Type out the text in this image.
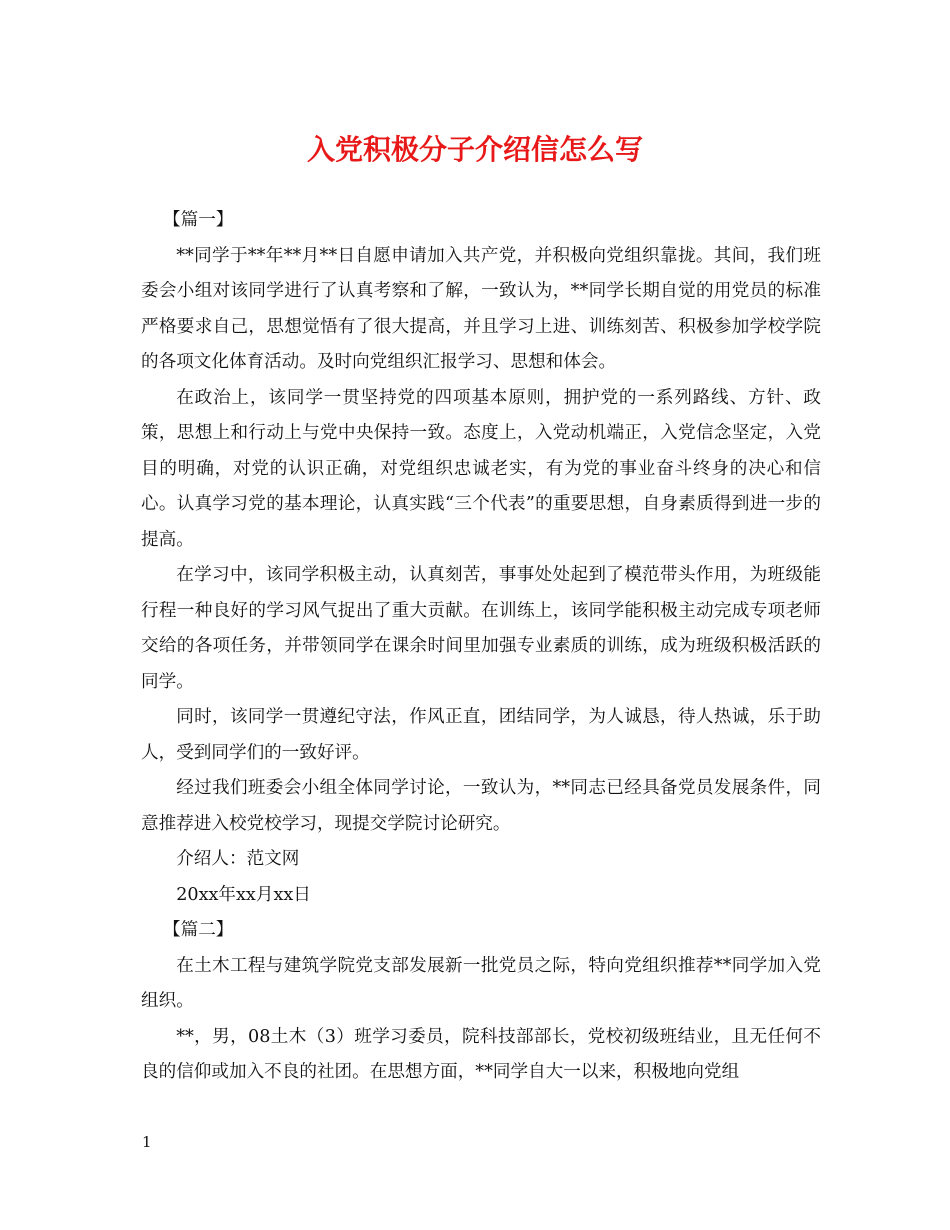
入党积极分子介绍信怎么写

【篇一】

**同学于**年**月**日自愿申请加入共产党，并积极向党组织靠拢。其间，我们班委会小组对该同学进行了认真考察和了解，一致认为，**同学长期自觉的用党员的标准严格要求自己，思想觉悟有了很大提高，并且学习上进、训练刻苦、积极参加学校学院的各项文化体育活动。及时向党组织汇报学习、思想和体会。

在政治上，该同学一贯坚持党的四项基本原则，拥护党的一系列路线、方针、政策，思想上和行动上与党中央保持一致。态度上，入党动机端正，入党信念坚定，入党目的明确，对党的认识正确，对党组织忠诚老实，有为党的事业奋斗终身的决心和信心。认真学习党的基本理论，认真实践“三个代表”的重要思想，自身素质得到进一步的提高。

在学习中，该同学积极主动，认真刻苦，事事处处起到了模范带头作用，为班级能行程一种良好的学习风气捉出了重大贡献。在训练上，该同学能积极主动完成专项老师交给的各项任务，并带领同学在课余时间里加强专业素质的训练，成为班级积极活跃的同学。

同时，该同学一贯遵纪守法，作风正直，团结同学，为人诚恳，待人热诚，乐于助人，受到同学们的一致好评。

经过我们班委会小组全体同学讨论，一致认为，**同志已经具备党员发展条件，同意推荐进入校党校学习，现提交学院讨论研究。

介绍人：范文网

20xx年xx月xx日

【篇二】

在土木工程与建筑学院党支部发展新一批党员之际，特向党组织推荐**同学加入党组织。

**，男，08土木（3）班学习委员，院科技部部长，党校初级班结业，且无任何不良的信仰或加入不良的社团。在思想方面，**同学自大一以来，积极地向党组

1
